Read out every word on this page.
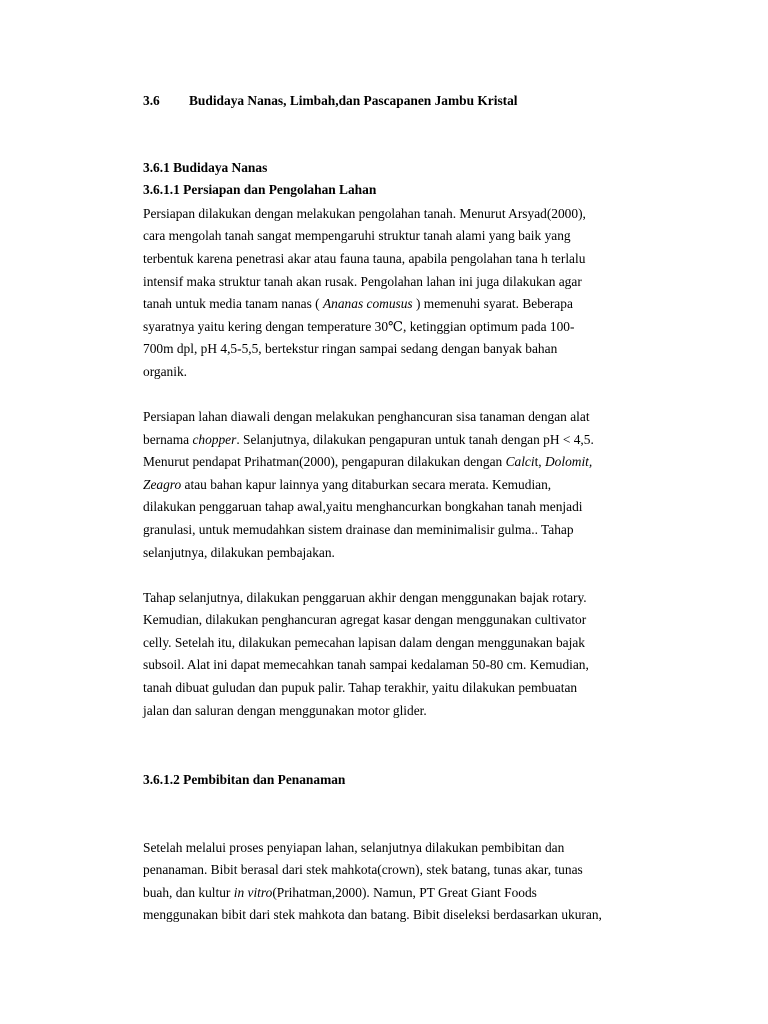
3.6 Budidaya Nanas, Limbah,dan Pascapanen Jambu Kristal
3.6.1 Budidaya Nanas
3.6.1.1 Persiapan dan Pengolahan Lahan
Persiapan dilakukan dengan melakukan pengolahan tanah. Menurut Arsyad(2000),
cara mengolah tanah sangat mempengaruhi struktur tanah alami yang baik yang
terbentuk karena penetrasi akar atau fauna tauna, apabila pengolahan tana h terlalu
intensif maka struktur tanah akan rusak. Pengolahan lahan ini juga dilakukan agar
tanah untuk media tanam nanas ( Ananas comusus ) memenuhi syarat. Beberapa
syaratnya yaitu kering dengan temperature 30℃, ketinggian optimum pada 100-
700m dpl, pH 4,5-5,5, bertekstur ringan sampai sedang dengan banyak bahan
organik.
Persiapan lahan diawali dengan melakukan penghancuran sisa tanaman dengan alat
bernama chopper. Selanjutnya, dilakukan pengapuran untuk tanah dengan pH < 4,5.
Menurut pendapat Prihatman(2000), pengapuran dilakukan dengan Calcit, Dolomit,
Zeagro atau bahan kapur lainnya yang ditaburkan secara merata. Kemudian,
dilakukan penggaruan tahap awal,yaitu menghancurkan bongkahan tanah menjadi
granulasi, untuk memudahkan sistem drainase dan meminimalisir gulma.. Tahap
selanjutnya, dilakukan pembajakan.
Tahap selanjutnya, dilakukan penggaruan akhir dengan menggunakan bajak rotary.
Kemudian, dilakukan penghancuran agregat kasar dengan menggunakan cultivator
celly. Setelah itu, dilakukan pemecahan lapisan dalam dengan menggunakan bajak
subsoil. Alat ini dapat memecahkan tanah sampai kedalaman 50-80 cm. Kemudian,
tanah dibuat guludan dan pupuk palir. Tahap terakhir, yaitu dilakukan pembuatan
jalan dan saluran dengan menggunakan motor glider.
3.6.1.2 Pembibitan dan Penanaman
Setelah melalui proses penyiapan lahan, selanjutnya dilakukan pembibitan dan
penanaman. Bibit berasal dari stek mahkota(crown), stek batang, tunas akar, tunas
buah, dan kultur in vitro(Prihatman,2000). Namun, PT Great Giant Foods
menggunakan bibit dari stek mahkota dan batang. Bibit diseleksi berdasarkan ukuran,
